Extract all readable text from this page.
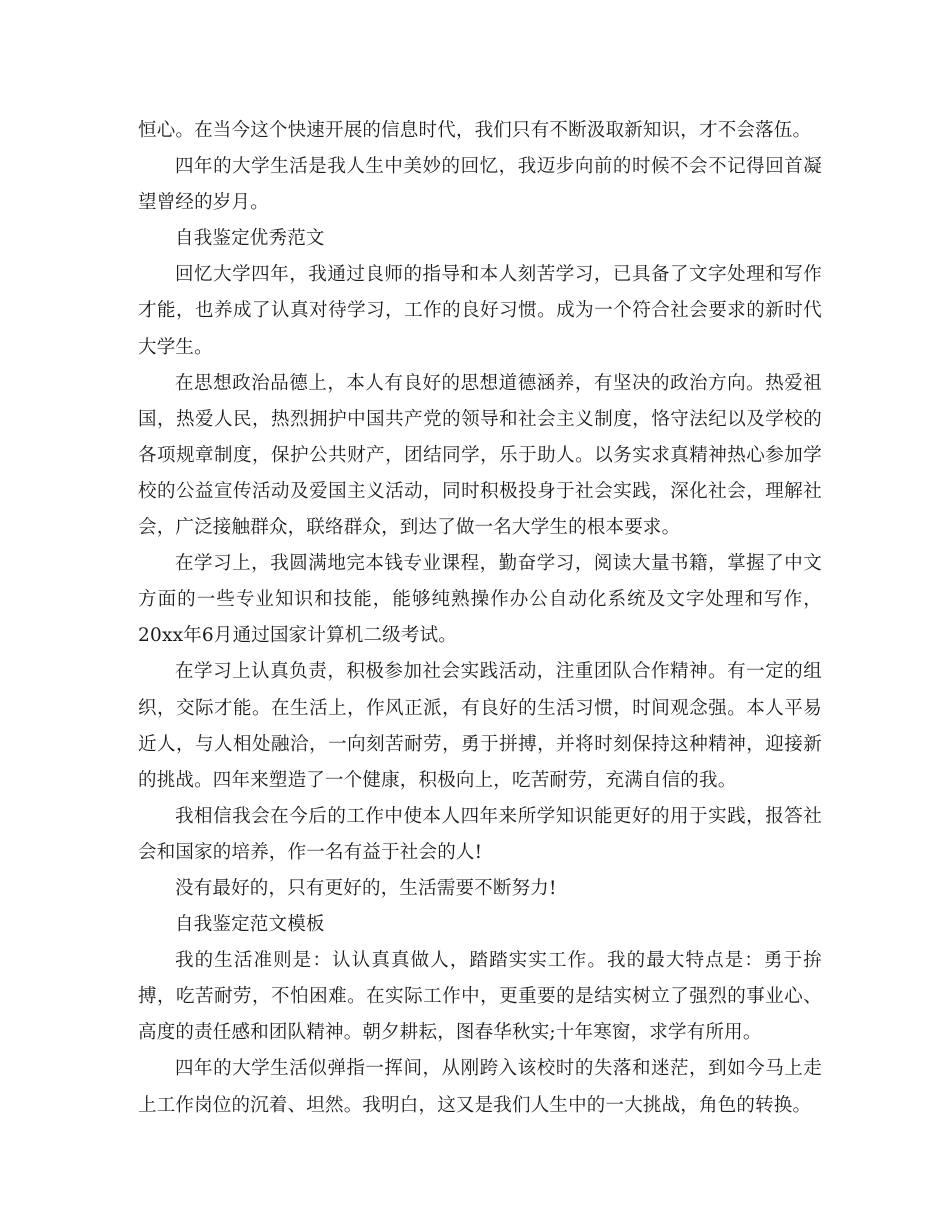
恒心。在当今这个快速开展的信息时代，我们只有不断汲取新知识，才不会落伍。

四年的大学生活是我人生中美妙的回忆，我迈步向前的时候不会不记得回首凝望曾经的岁月。

自我鉴定优秀范文

回忆大学四年，我通过良师的指导和本人刻苦学习，已具备了文字处理和写作才能，也养成了认真对待学习，工作的良好习惯。成为一个符合社会要求的新时代大学生。

在思想政治品德上，本人有良好的思想道德涵养，有坚决的政治方向。热爱祖国，热爱人民，热烈拥护中国共产党的领导和社会主义制度，恪守法纪以及学校的各项规章制度，保护公共财产，团结同学，乐于助人。以务实求真精神热心参加学校的公益宣传活动及爱国主义活动，同时积极投身于社会实践，深化社会，理解社会，广泛接触群众，联络群众，到达了做一名大学生的根本要求。

在学习上，我圆满地完本钱专业课程，勤奋学习，阅读大量书籍，掌握了中文方面的一些专业知识和技能，能够纯熟操作办公自动化系统及文字处理和写作，20xx年6月通过国家计算机二级考试。

在学习上认真负责，积极参加社会实践活动，注重团队合作精神。有一定的组织，交际才能。在生活上，作风正派，有良好的生活习惯，时间观念强。本人平易近人，与人相处融洽，一向刻苦耐劳，勇于拼搏，并将时刻保持这种精神，迎接新的挑战。四年来塑造了一个健康，积极向上，吃苦耐劳，充满自信的我。

我相信我会在今后的工作中使本人四年来所学知识能更好的用于实践，报答社会和国家的培养，作一名有益于社会的人!

没有最好的，只有更好的，生活需要不断努力!

自我鉴定范文模板

我的生活准则是：认认真真做人，踏踏实实工作。我的最大特点是：勇于拚搏，吃苦耐劳，不怕困难。在实际工作中，更重要的是结实树立了强烈的事业心、高度的责任感和团队精神。朝夕耕耘，图春华秋实;十年寒窗，求学有所用。

四年的大学生活似弹指一挥间，从刚跨入该校时的失落和迷茫，到如今马上走上工作岗位的沉着、坦然。我明白，这又是我们人生中的一大挑战，角色的转换。
